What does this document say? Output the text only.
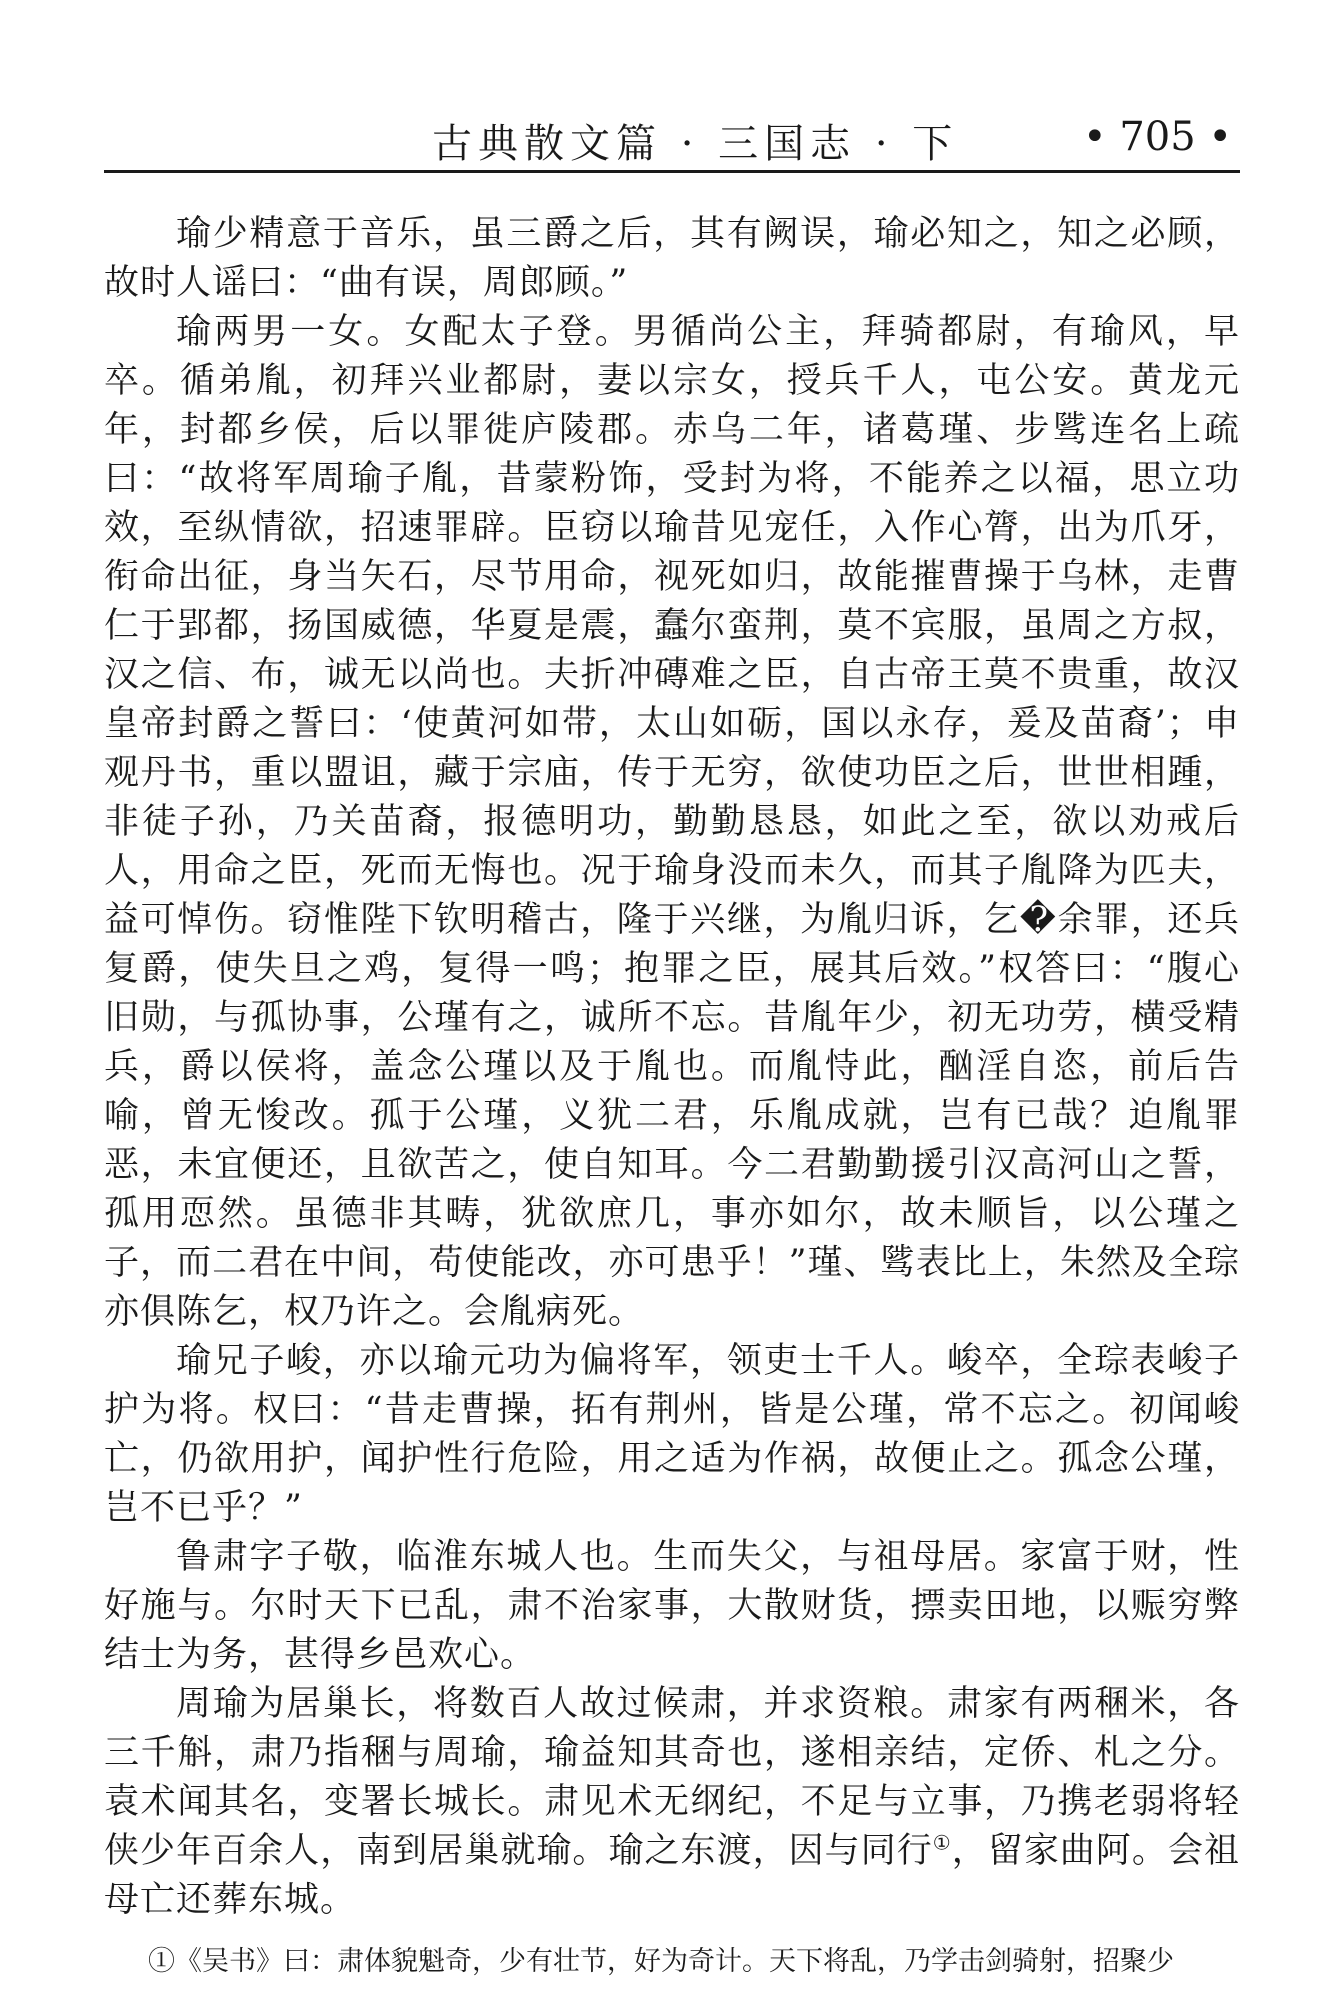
古典散文篇 · 三国志 · 下	• 705 •

瑜少精意于音乐，虽三爵之后，其有阙误，瑜必知之，知之必顾，故时人谣曰：“曲有误，周郎顾。”

瑜两男一女。女配太子登。男循尚公主，拜骑都尉，有瑜风，早卒。循弟胤，初拜兴业都尉，妻以宗女，授兵千人，屯公安。黄龙元年，封都乡侯，后以罪徙庐陵郡。赤乌二年，诸葛瑾、步骘连名上疏曰：“故将军周瑜子胤，昔蒙粉饰，受封为将，不能养之以福，思立功效，至纵情欲，招速罪辟。臣窃以瑜昔见宠任，入作心膂，出为爪牙，衔命出征，身当矢石，尽节用命，视死如归，故能摧曹操于乌林，走曹仁于郢都，扬国威德，华夏是震，蠢尔蛮荆，莫不宾服，虽周之方叔，汉之信、布，诚无以尚也。夫折冲磚难之臣，自古帝王莫不贵重，故汉皇帝封爵之誓曰：‘使黄河如带，太山如砺，国以永存，爰及苗裔’；申观丹书，重以盟诅，藏于宗庙，传于无穷，欲使功臣之后，世世相踵，非徒子孙，乃关苗裔，报德明功，勤勤恳恳，如此之至，欲以劝戒后人，用命之臣，死而无悔也。况于瑜身没而未久，而其子胤降为匹夫，益可悼伤。窃惟陛下钦明稽古，隆于兴继，为胤归诉，乞�余罪，还兵复爵，使失旦之鸡，复得一鸣；抱罪之臣，展其后效。”权答曰：“腹心旧勋，与孤协事，公瑾有之，诚所不忘。昔胤年少，初无功劳，横受精兵，爵以侯将，盖念公瑾以及于胤也。而胤恃此，酗淫自恣，前后告喻，曾无悛改。孤于公瑾，义犹二君，乐胤成就，岂有已哉？迫胤罪恶，未宜便还，且欲苦之，使自知耳。今二君勤勤援引汉高河山之誓，孤用恧然。虽德非其畴，犹欲庶几，事亦如尔，故未顺旨，以公瑾之子，而二君在中间，苟使能改，亦可患乎！”瑾、骘表比上，朱然及全琮亦俱陈乞，权乃许之。会胤病死。

瑜兄子峻，亦以瑜元功为偏将军，领吏士千人。峻卒，全琮表峻子护为将。权曰：“昔走曹操，拓有荆州，皆是公瑾，常不忘之。初闻峻亡，仍欲用护，闻护性行危险，用之适为作祸，故便止之。孤念公瑾，岂不已乎？”

鲁肃字子敬，临淮东城人也。生而失父，与祖母居。家富于财，性好施与。尔时天下已乱，肃不治家事，大散财货，摽卖田地，以赈穷弊结士为务，甚得乡邑欢心。

周瑜为居巢长，将数百人故过候肃，并求资粮。肃家有两稛米，各三千斛，肃乃指稛与周瑜，瑜益知其奇也，遂相亲结，定侨、札之分。袁术闻其名，变署长城长。肃见术无纲纪，不足与立事，乃携老弱将轻侠少年百余人，南到居巢就瑜。瑜之东渡，因与同行①，留家曲阿。会祖母亡还葬东城。

①《吴书》曰：肃体貌魁奇，少有壮节，好为奇计。天下将乱，乃学击剑骑射，招聚少
